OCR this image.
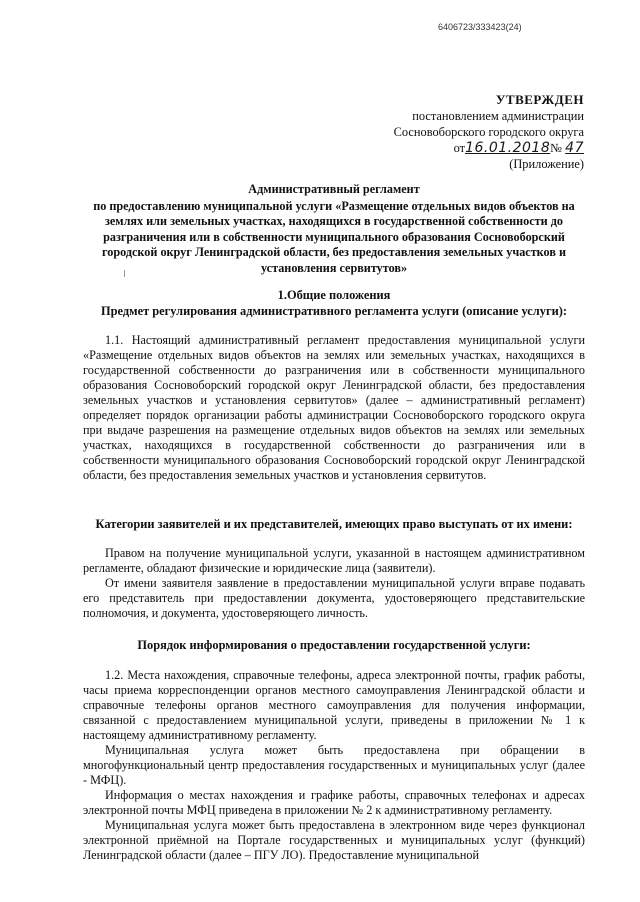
6406723/333423(24)
УТВЕРЖДЕН
постановлением администрации
Сосновоборского городского округа
от16.01.2018№ 47
(Приложение)
Административный регламент
по предоставлению муниципальной услуги «Размещение отдельных видов объектов на землях или земельных участках, находящихся в государственной собственности до разграничения или в собственности муниципального образования Сосновоборский городской округ Ленинградской области, без предоставления земельных участков и установления сервитутов»
1.Общие положения
Предмет регулирования административного регламента услуги (описание услуги):

1.1. Настоящий административный регламент предоставления муниципальной услуги «Размещение отдельных видов объектов на землях или земельных участках, находящихся в государственной собственности до разграничения или в собственности муниципального образования Сосновоборский городской округ Ленинградской области, без предоставления земельных участков и установления сервитутов» (далее – административный регламент) определяет порядок организации работы администрации Сосновоборского городского округа при выдаче разрешения на размещение отдельных видов объектов на землях или земельных участках, находящихся в государственной собственности до разграничения или в собственности муниципального образования Сосновоборский городской округ Ленинградской области, без предоставления земельных участков и установления сервитутов.

Категории заявителей и их представителей, имеющих право выступать от их имени:

Правом на получение муниципальной услуги, указанной в настоящем административном регламенте, обладают физические и юридические лица (заявители).

От имени заявителя заявление в предоставлении муниципальной услуги вправе подавать его представитель при предоставлении документа, удостоверяющего представительские полномочия, и документа, удостоверяющего личность.

Порядок информирования о предоставлении государственной услуги:

1.2. Места нахождения, справочные телефоны, адреса электронной почты, график работы, часы приема корреспонденции органов местного самоуправления Ленинградской области и справочные телефоны органов местного самоуправления для получения информации, связанной с предоставлением муниципальной услуги, приведены в приложении № 1 к настоящему административному регламенту.

Муниципальная услуга может быть предоставлена при обращении в многофункциональный центр предоставления государственных и муниципальных услуг (далее - МФЦ).

Информация о местах нахождения и графике работы, справочных телефонах и адресах электронной почты МФЦ приведена в приложении № 2 к административному регламенту.

Муниципальная услуга может быть предоставлена в электронном виде через функционал электронной приёмной на Портале государственных и муниципальных услуг (функций) Ленинградской области (далее – ПГУ ЛО). Предоставление муниципальной
